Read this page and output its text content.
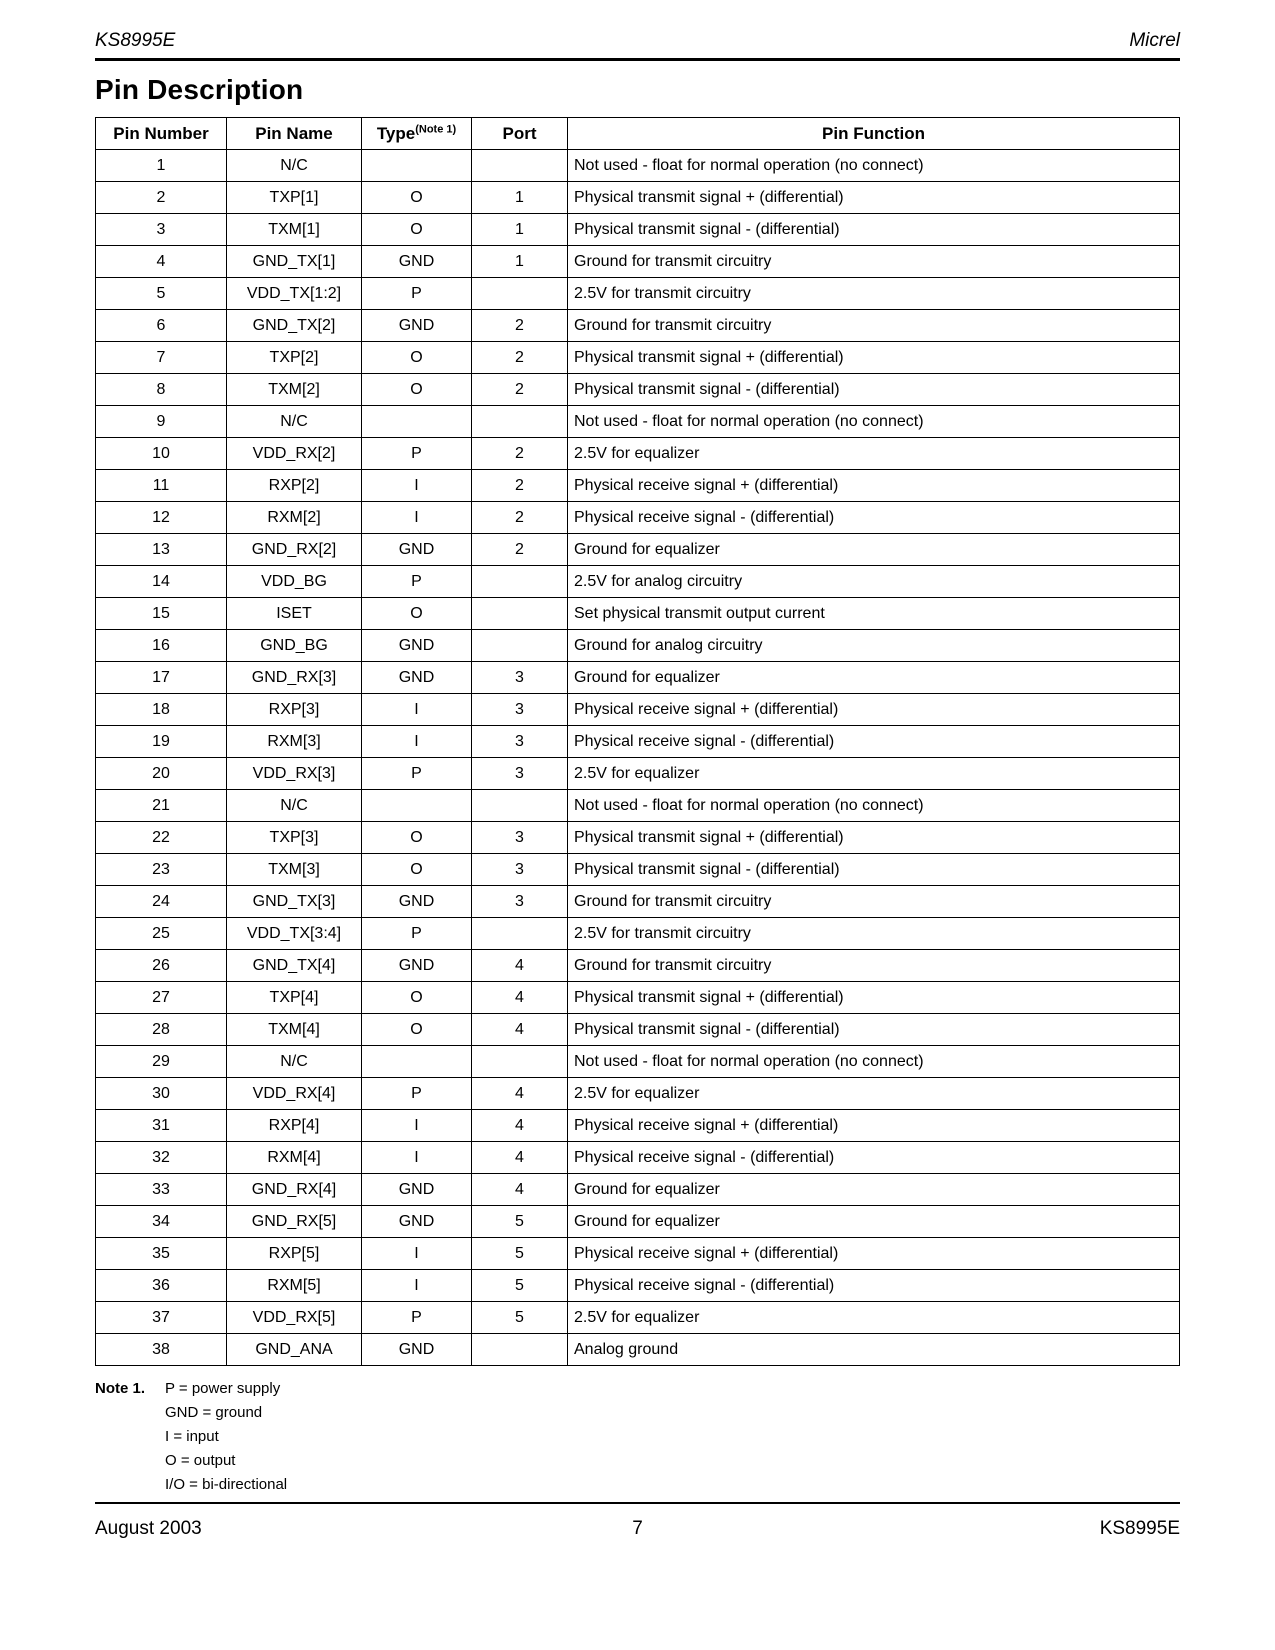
KS8995E	Micrel
Pin Description
Pin Number	Pin Name	Type$^{(Note 1)}$	Port	Pin Function
1	N/C			Not used - float for normal operation (no connect)
2	TXP[1]	O	1	Physical transmit signal + (differential)
3	TXM[1]	O	1	Physical transmit signal - (differential)
4	GND_TX[1]	GND	1	Ground for transmit circuitry
5	VDD_TX[1:2]	P		2.5V for transmit circuitry
6	GND_TX[2]	GND	2	Ground for transmit circuitry
7	TXP[2]	O	2	Physical transmit signal + (differential)
8	TXM[2]	O	2	Physical transmit signal - (differential)
9	N/C			Not used - float for normal operation (no connect)
10	VDD_RX[2]	P	2	2.5V for equalizer
11	RXP[2]	I	2	Physical receive signal + (differential)
12	RXM[2]	I	2	Physical receive signal - (differential)
13	GND_RX[2]	GND	2	Ground for equalizer
14	VDD_BG	P		2.5V for analog circuitry
15	ISET	O		Set physical transmit output current
16	GND_BG	GND		Ground for analog circuitry
17	GND_RX[3]	GND	3	Ground for equalizer
18	RXP[3]	I	3	Physical receive signal + (differential)
19	RXM[3]	I	3	Physical receive signal - (differential)
20	VDD_RX[3]	P	3	2.5V for equalizer
21	N/C			Not used - float for normal operation (no connect)
22	TXP[3]	O	3	Physical transmit signal + (differential)
23	TXM[3]	O	3	Physical transmit signal - (differential)
24	GND_TX[3]	GND	3	Ground for transmit circuitry
25	VDD_TX[3:4]	P		2.5V for transmit circuitry
26	GND_TX[4]	GND	4	Ground for transmit circuitry
27	TXP[4]	O	4	Physical transmit signal + (differential)
28	TXM[4]	O	4	Physical transmit signal - (differential)
29	N/C			Not used - float for normal operation (no connect)
30	VDD_RX[4]	P	4	2.5V for equalizer
31	RXP[4]	I	4	Physical receive signal + (differential)
32	RXM[4]	I	4	Physical receive signal - (differential)
33	GND_RX[4]	GND	4	Ground for equalizer
34	GND_RX[5]	GND	5	Ground for equalizer
35	RXP[5]	I	5	Physical receive signal + (differential)
36	RXM[5]	I	5	Physical receive signal - (differential)
37	VDD_RX[5]	P	5	2.5V for equalizer
38	GND_ANA	GND		Analog ground
Note 1.	P = power supply
GND = ground
I = input
O = output
I/O = bi-directional
August 2003	7	KS8995E
